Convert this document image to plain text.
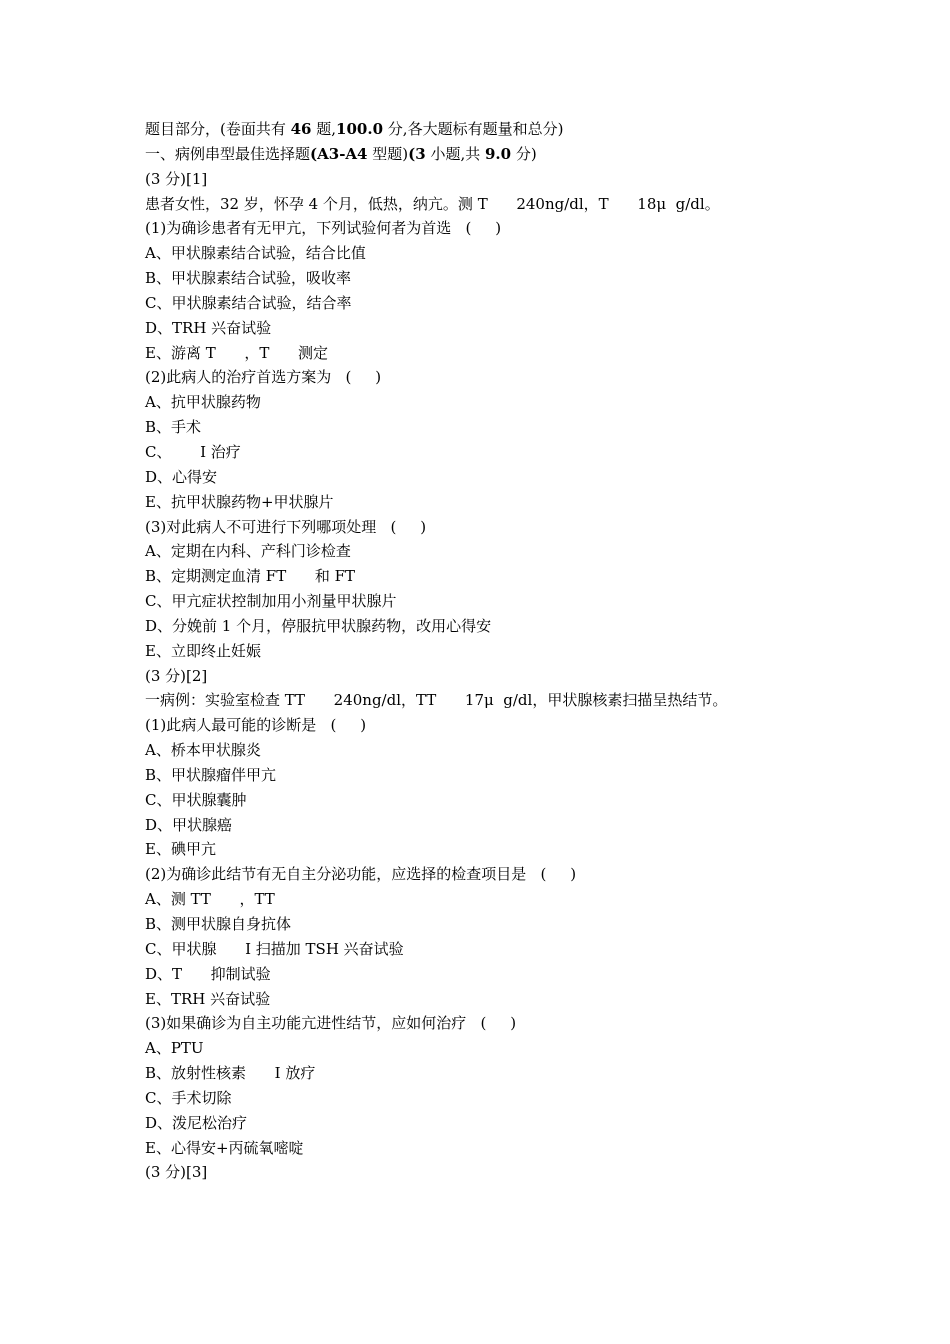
题目部分，(卷面共有 46 题,100.0 分,各大题标有题量和总分)
一、病例串型最佳选择题(A3-A4 型题)(3 小题,共 9.0 分)
(3 分)[1]
患者女性，32 岁，怀孕 4 个月，低热，纳亢。测 T      240ng/dl，T      18μ  g/dl。
(1)为确诊患者有无甲亢，下列试验何者为首选   (     )
A、甲状腺素结合试验，结合比值
B、甲状腺素结合试验，吸收率
C、甲状腺素结合试验，结合率
D、TRH 兴奋试验
E、游离 T      ，T      测定
(2)此病人的治疗首选方案为   (     )
A、抗甲状腺药物
B、手术
C、      I 治疗
D、心得安
E、抗甲状腺药物+甲状腺片
(3)对此病人不可进行下列哪项处理   (     )
A、定期在内科、产科门诊检查
B、定期测定血清 FT      和 FT
C、甲亢症状控制加用小剂量甲状腺片
D、分娩前 1 个月，停服抗甲状腺药物，改用心得安
E、立即终止妊娠
(3 分)[2]
一病例：实验室检查 TT      240ng/dl，TT      17μ  g/dl，甲状腺核素扫描呈热结节。
(1)此病人最可能的诊断是   (     )
A、桥本甲状腺炎
B、甲状腺瘤伴甲亢
C、甲状腺囊肿
D、甲状腺癌
E、碘甲亢
(2)为确诊此结节有无自主分泌功能，应选择的检查项目是   (     )
A、测 TT      ，TT
B、测甲状腺自身抗体
C、甲状腺      I 扫描加 TSH 兴奋试验
D、T      抑制试验
E、TRH 兴奋试验
(3)如果确诊为自主功能亢进性结节，应如何治疗   (     )
A、PTU
B、放射性核素      I 放疗
C、手术切除
D、泼尼松治疗
E、心得安+丙硫氧嘧啶
(3 分)[3]
